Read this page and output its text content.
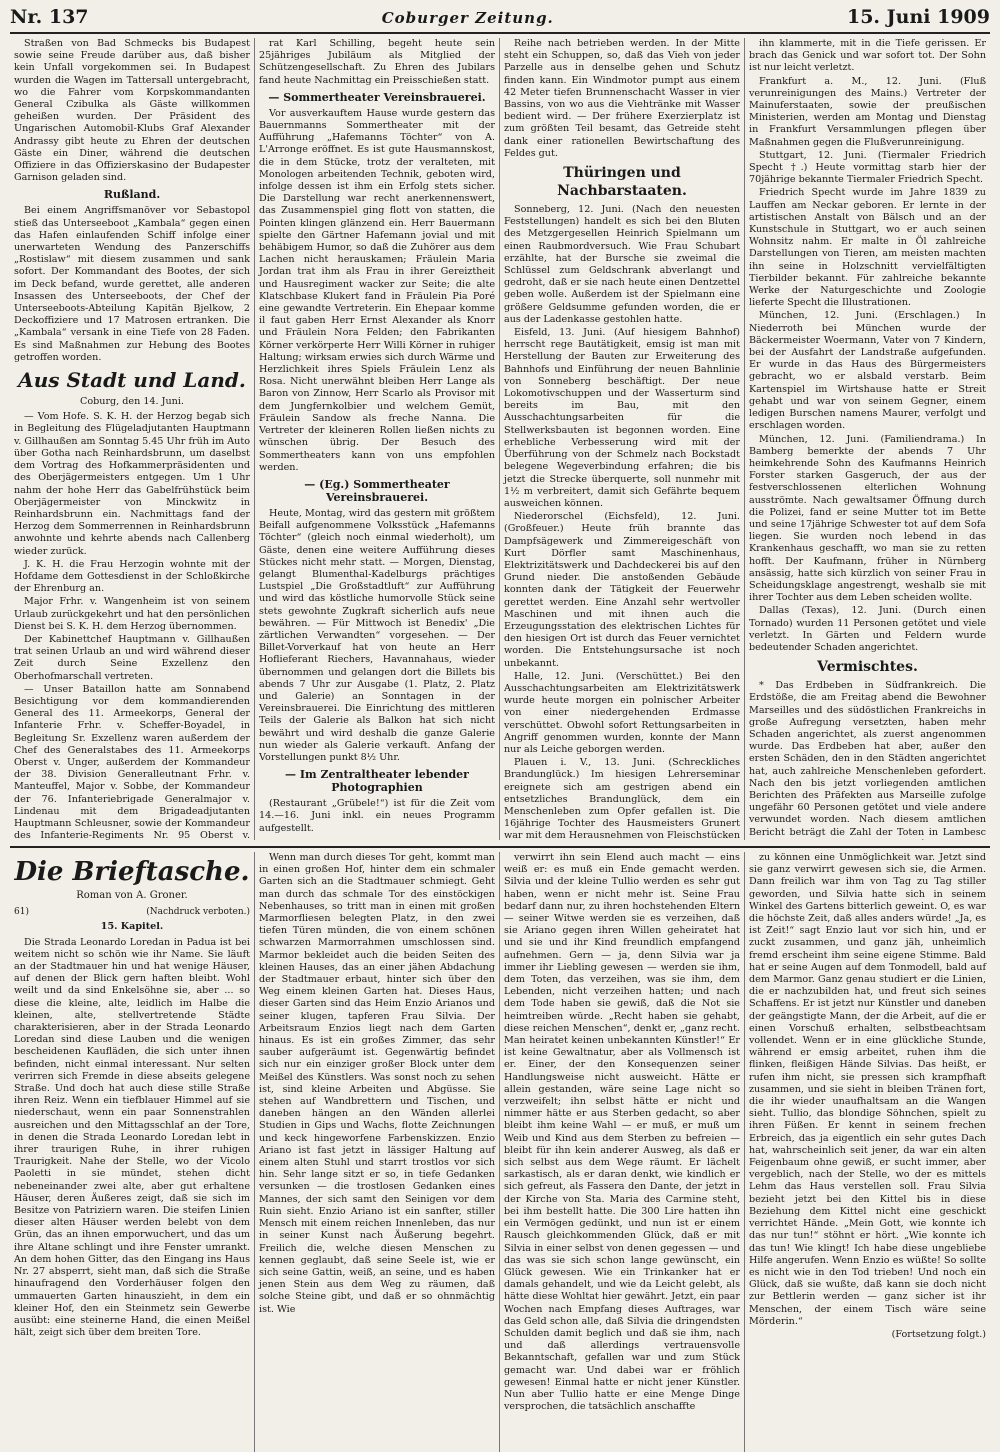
Nr. 137	Coburger Zeitung.	15. Juni 1909

Straßen von Bad Schmecks bis Budapest sowie seine Freude darüber aus, daß bisher kein Unfall vorgekommen sei. In Budapest wurden die Wagen im Tattersall untergebracht, wo die Fahrer vom Korpskommandanten General Czibulka als Gäste willkommen geheißen wurden. Der Präsident des Ungarischen Automobil-Klubs Graf Alexander Andrassy gibt heute zu Ehren der deutschen Gäste ein Diner, während die deutschen Offiziere in das Offizierskasino der Budapester Garnison geladen sind.

Rußland.

Bei einem Angriffsmanöver vor Sebastopol stieß das Unterseeboot „Kambala“ gegen einen das Hafen einlaufenden Schiff infolge einer unerwarteten Wendung des Panzerschiffs „Rostislaw“ mit diesem zusammen und sank sofort. Der Kommandant des Bootes, der sich im Deck befand, wurde gerettet, alle anderen Insassen des Unterseeboots, der Chef der Unterseeboots-Abteilung Kapitän Bjelkow, 2 Deckoffiziere und 17 Matrosen ertranken. Die „Kambala“ versank in eine Tiefe von 28 Faden. Es sind Maßnahmen zur Hebung des Bootes getroffen worden.

Aus Stadt und Land.
Coburg, den 14. Juni.

— Vom Hofe. S. K. H. der Herzog begab sich in Begleitung des Flügeladjutanten Hauptmann v. Gillhaußen am Sonntag 5.45 Uhr früh im Auto über Gotha nach Reinhardsbrunn, um daselbst dem Vortrag des Hofkammerpräsidenten und des Oberjägermeisters entgegen. Um 1 Uhr nahm der hohe Herr das Gabelfrühstück beim Oberjägermeister von Minckwitz in Reinhardsbrunn ein. Nachmittags fand der Herzog dem Sommerrennen in Reinhardsbrunn anwohnte und kehrte abends nach Callenberg wieder zurück.

J. K. H. die Frau Herzogin wohnte mit der Hofdame dem Gottesdienst in der Schloßkirche der Ehrenburg an.

Major Frhr. v. Wangenheim ist von seinem Urlaub zurückgekehrt und hat den persönlichen Dienst bei S. K. H. dem Herzog übernommen.

Der Kabinettchef Hauptmann v. Gillhaußen trat seinen Urlaub an und wird während dieser Zeit durch Seine Exzellenz den Oberhofmarschall vertreten.

— Unser Bataillon hatte am Sonnabend Besichtigung vor dem kommandierenden General des 11. Armeekorps, General der Infanterie Frhr. v. Scheffer-Boyadel, in Begleitung Sr. Exzellenz waren außerdem der Chef des Generalstabes des 11. Armeekorps Oberst v. Unger, außerdem der Kommandeur der 38. Division Generalleutnant Frhr. v. Manteuffel, Major v. Sobbe, der Kommandeur der 76. Infanteriebrigade Generalmajor v. Lindenau mit dem Brigadeadjutanten Hauptmann Schleusner, sowie der Kommandeur des Infanterie-Regiments Nr. 95 Oberst v.

rat Karl Schilling, begeht heute sein 25jähriges Jubiläum als Mitglied der Schützengesellschaft. Zu Ehren des Jubilars fand heute Nachmittag ein Preisschießen statt.

— Sommertheater Vereinsbrauerei.

Vor ausverkauftem Hause wurde gestern das Bauernmanns Sommertheater mit der Aufführung „Hafemanns Töchter“ von A. L'Arronge eröffnet. Es ist gute Hausmannskost, die in dem Stücke, trotz der veralteten, mit Monologen arbeitenden Technik, geboten wird, infolge dessen ist ihm ein Erfolg stets sicher. Die Darstellung war recht anerkennenswert, das Zusammenspiel ging flott von statten, die Pointen klingen glänzend ein. Herr Bauermann spielte den Gärtner Hafemann jovial und mit behäbigem Humor, so daß die Zuhörer aus dem Lachen nicht herauskamen; Fräulein Maria Jordan trat ihm als Frau in ihrer Gereiztheit und Hausregiment wacker zur Seite; die alte Klatschbase Klukert fand in Fräulein Pia Poré eine gewandte Vertreterin. Ein Ehepaar komme il faut gaben Herr Ernst Alexander als Knorr und Fräulein Nora Felden; den Fabrikanten Körner verkörperte Herr Willi Körner in ruhiger Haltung; wirksam erwies sich durch Wärme und Herzlichkeit ihres Spiels Fräulein Lenz als Rosa. Nicht unerwähnt bleiben Herr Lange als Baron von Zinnow, Herr Scarlo als Provisor mit dem Jungfernkolbier und welchem Gemüt, Fräulein Sandow als freche Nanna. Die Vertreter der kleineren Rollen ließen nichts zu wünschen übrig. Der Besuch des Sommertheaters kann von uns empfohlen werden.

— (Eg.) Sommertheater Vereinsbrauerei.

Heute, Montag, wird das gestern mit größtem Beifall aufgenommene Volksstück „Hafemanns Töchter“ (gleich noch einmal wiederholt), um Gäste, denen eine weitere Aufführung dieses Stückes nicht mehr statt. — Morgen, Dienstag, gelangt Blumenthal-Kadelburgs prächtiges Lustspiel „Die Großstadtluft“ zur Aufführung und wird das köstliche humorvolle Stück seine stets gewohnte Zugkraft sicherlich aufs neue bewähren. — Für Mittwoch ist Benedix' „Die zärtlichen Verwandten“ vorgesehen. — Der Billet-Vorverkauf hat von heute an Herr Hoflieferant Riechers, Havannahaus, wieder übernommen und gelangen dort die Billets bis abends 7 Uhr zur Ausgabe (1. Platz, 2. Platz und Galerie) an Sonntagen in der Vereinsbrauerei. Die Einrichtung des mittleren Teils der Galerie als Balkon hat sich nicht bewährt und wird deshalb die ganze Galerie nun wieder als Galerie verkauft. Anfang der Vorstellungen punkt 8½ Uhr.

— Im Zentraltheater lebender Photographien

(Restaurant „Grübele!“) ist für die Zeit vom 14.—16. Juni inkl. ein neues Programm aufgestellt.

Reihe nach betrieben werden. In der Mitte steht ein Schuppen, so, daß das Vieh von jeder Parzelle aus in denselbe gehen und Schutz finden kann. Ein Windmotor pumpt aus einem 42 Meter tiefen Brunnenschacht Wasser in vier Bassins, von wo aus die Viehtränke mit Wasser bedient wird. — Der frühere Exerzierplatz ist zum größten Teil besamt, das Getreide steht dank einer rationellen Bewirtschaftung des Feldes gut.

Thüringen und Nachbarstaaten.

Sonneberg, 12. Juni. (Nach den neuesten Feststellungen) handelt es sich bei den Bluten des Metzgergesellen Heinrich Spielmann um einen Raubmordversuch. Wie Frau Schubart erzählte, hat der Bursche sie zweimal die Schlüssel zum Geldschrank abverlangt und gedroht, daß er sie nach heute einen Dentzettel geben wolle. Außerdem ist der Spielmann eine größere Geldsumme gefunden worden, die er aus der Ladenkasse gestohlen hatte.

Eisfeld, 13. Juni. (Auf hiesigem Bahnhof) herrscht rege Bautätigkeit, emsig ist man mit Herstellung der Bauten zur Erweiterung des Bahnhofs und Einführung der neuen Bahnlinie von Sonneberg beschäftigt. Der neue Lokomotivschuppen und der Wasserturm sind bereits im Bau, mit den Ausschachtungsarbeiten für die Stellwerksbauten ist begonnen worden. Eine erhebliche Verbesserung wird mit der Überführung von der Schmelz nach Bockstadt belegene Wegeverbindung erfahren; die bis jetzt die Strecke überquerte, soll nunmehr mit 1½ m verbreitert, damit sich Gefährte bequem ausweichen können.

Niederorschel (Eichsfeld), 12. Juni. (Großfeuer.) Heute früh brannte das Dampfsägewerk und Zimmereigeschäft von Kurt Dörfler samt Maschinenhaus, Elektrizitätswerk und Dachdeckerei bis auf den Grund nieder. Die anstoßenden Gebäude konnten dank der Tätigkeit der Feuerwehr gerettet werden. Eine Anzahl sehr wertvoller Maschinen und mit ihnen auch die Erzeugungsstation des elektrischen Lichtes für den hiesigen Ort ist durch das Feuer vernichtet worden. Die Entstehungsursache ist noch unbekannt.

Halle, 12. Juni. (Verschüttet.) Bei den Ausschachtungsarbeiten am Elektrizitätswerk wurde heute morgen ein polnischer Arbeiter von einer niedergehenden Erdmasse verschüttet. Obwohl sofort Rettungsarbeiten in Angriff genommen wurden, konnte der Mann nur als Leiche geborgen werden.

Plauen i. V., 13. Juni. (Schreckliches Brandunglück.) Im hiesigen Lehrerseminar ereignete sich am gestrigen abend ein entsetzliches Brandunglück, dem ein Menschenleben zum Opfer gefallen ist. Die 16jährige Tochter des Hausmeisters Grunert war mit dem Herausnehmen von Fleischstücken

ihn klammerte, mit in die Tiefe gerissen. Er brach das Genick und war sofort tot. Der Sohn ist nur leicht verletzt.

Frankfurt a. M., 12. Juni. (Fluß verunreinigungen des Mains.) Vertreter der Mainuferstaaten, sowie der preußischen Ministerien, werden am Montag und Dienstag in Frankfurt Versammlungen pflegen über Maßnahmen gegen die Flußverunreinigung.

Stuttgart, 12. Juni. (Tiermaler Friedrich Specht †.) Heute vormittag starb hier der 70jährige bekannte Tiermaler Friedrich Specht.

Friedrich Specht wurde im Jahre 1839 zu Lauffen am Neckar geboren. Er lernte in der artistischen Anstalt von Bälsch und an der Kunstschule in Stuttgart, wo er auch seinen Wohnsitz nahm. Er malte in Öl zahlreiche Darstellungen von Tieren, am meisten machten ihn seine in Holzschnitt vervielfältigten Tierbilder bekannt. Für zahlreiche bekannte Werke der Naturgeschichte und Zoologie lieferte Specht die Illustrationen.

München, 12. Juni. (Erschlagen.) In Niederroth bei München wurde der Bäckermeister Woermann, Vater von 7 Kindern, bei der Ausfahrt der Landstraße aufgefunden. Er wurde in das Haus des Bürgermeisters gebracht, wo er alsbald verstarb. Beim Kartenspiel im Wirtshause hatte er Streit gehabt und war von seinem Gegner, einem ledigen Burschen namens Maurer, verfolgt und erschlagen worden.

München, 12. Juni. (Familiendrama.) In Bamberg bemerkte der abends 7 Uhr heimkehrende Sohn des Kaufmanns Heinrich Forster starken Gasgeruch, der aus der festverschlossenen elterlichen Wohnung ausströmte. Nach gewaltsamer Öffnung durch die Polizei, fand er seine Mutter tot im Bette und seine 17jährige Schwester tot auf dem Sofa liegen. Sie wurden noch lebend in das Krankenhaus geschafft, wo man sie zu retten hofft. Der Kaufmann, früher in Nürnberg ansässig, hatte sich kürzlich von seiner Frau in Scheidungsklage angestrengt, weshalb sie mit ihrer Tochter aus dem Leben scheiden wollte.

Dallas (Texas), 12. Juni. (Durch einen Tornado) wurden 11 Personen getötet und viele verletzt. In Gärten und Feldern wurde bedeutender Schaden angerichtet.

Vermischtes.

* Das Erdbeben in Südfrankreich. Die Erdstöße, die am Freitag abend die Bewohner Marseilles und des südöstlichen Frankreichs in große Aufregung versetzten, haben mehr Schaden angerichtet, als zuerst angenommen wurde. Das Erdbeben hat aber, außer den ersten Schäden, den in den Städten angerichtet hat, auch zahlreiche Menschenleben gefordert. Nach den bis jetzt vorliegenden amtlichen Berichten des Präfekten aus Marseille zufolge ungefähr 60 Personen getötet und viele andere verwundet worden. Nach diesem amtlichen Bericht beträgt die Zahl der Toten in Lambesc

Die Brieftasche.
Roman von A. Groner.
61)	(Nachdruck verboten.)
15. Kapitel.

Die Strada Leonardo Loredan in Padua ist bei weitem nicht so schön wie ihr Name. Sie läuft an der Stadtmauer hin und hat wenige Häuser, auf denen der Blick gern haften bleibt. Wohl weilt und da sind Enkelsöhne sie, aber ... so diese die kleine, alte, leidlich im Halbe die kleinen, alte, stellvertretende Städte charakterisieren, aber in der Strada Leonardo Loredan sind diese Lauben und die wenigen bescheidenen Kaufläden, die sich unter ihnen befinden, nicht einmal interessant. Nur selten verirren sich Fremde in diese abseits gelegene Straße. Und doch hat auch diese stille Straße ihren Reiz. Wenn ein tiefblauer Himmel auf sie niederschaut, wenn ein paar Sonnenstrahlen ausreichen und den Mittagsschlaf an der Tore, in denen die Strada Leonardo Loredan lebt in ihrer traurigen Ruhe, in ihrer ruhigen Traurigkeit. Nahe der Stelle, wo der Vicolo Paoletti in sie mündet, stehen dicht nebeneinander zwei alte, aber gut erhaltene Häuser, deren Äußeres zeigt, daß sie sich im Besitze von Patriziern waren. Die steifen Linien dieser alten Häuser werden belebt von dem Grün, das an ihnen emporwuchert, und das um ihre Altane schlingt und ihre Fenster umrankt. An dem hohen Gitter, das den Eingang ins Haus Nr. 27 absperrt, sieht man, daß sich die Straße hinaufragend den Vorderhäuser folgen den ummauerten Garten hinauszieht, in dem ein kleiner Hof, den ein Steinmetz sein Gewerbe ausübt: eine steinerne Hand, die einen Meißel hält, zeigt sich über dem breiten Tore.

Wenn man durch dieses Tor geht, kommt man in einen großen Hof, hinter dem ein schmaler Garten sich an die Stadtmauer schmiegt. Geht man durch das schmale Tor des einstöckigen Nebenhauses, so tritt man in einen mit großen Marmorfliesen belegten Platz, in den zwei tiefen Türen münden, die von einem schönen schwarzen Marmorrahmen umschlossen sind. Marmor bekleidet auch die beiden Seiten des kleinen Hauses, das an einer jähen Abdachung der Stadtmauer erbaut, hinter sich über den Weg einem kleinen Garten hat. Dieses Haus, dieser Garten sind das Heim Enzio Arianos und seiner klugen, tapferen Frau Silvia. Der Arbeitsraum Enzios liegt nach dem Garten hinaus. Es ist ein großes Zimmer, das sehr sauber aufgeräumt ist. Gegenwärtig befindet sich nur ein einziger großer Block unter dem Meißel des Künstlers. Was sonst noch zu sehen ist, sind kleine Arbeiten und Abgüsse. Sie stehen auf Wandbrettern und Tischen, und daneben hängen an den Wänden allerlei Studien in Gips und Wachs, flotte Zeichnungen und keck hingeworfene Farbenskizzen. Enzio Ariano ist fast jetzt in lässiger Haltung auf einem alten Stuhl und starrt trostlos vor sich hin. Sehr lange sitzt er so, in tiefe Gedanken versunken — die trostlosen Gedanken eines Mannes, der sich samt den Seinigen vor dem Ruin sieht. Enzio Ariano ist ein sanfter, stiller Mensch mit einem reichen Innenleben, das nur in seiner Kunst nach Äußerung begehrt. Freilich die, welche diesen Menschen zu kennen geglaubt, daß seine Seele ist, wie er sich seine Gattin, weiß, an seine, und es haben jenen Stein aus dem Weg zu räumen, daß solche Steine gibt, und daß er so ohnmächtig ist. Wie

verwirrt ihn sein Elend auch macht — eins weiß er: es muß ein Ende gemacht werden. Silvia und der kleine Tullio werden es sehr gut haben, wenn er nicht mehr ist. Seine Frau bedarf dann nur, zu ihren hochstehenden Eltern — seiner Witwe werden sie es verzeihen, daß sie Ariano gegen ihren Willen geheiratet hat und sie und ihr Kind freundlich empfangend aufnehmen. Gern — ja, denn Silvia war ja immer ihr Liebling gewesen — werden sie ihm, dem Toten, das verzeihen, was sie ihm, dem Lebenden, nicht verzeihen hatten; und nach dem Tode haben sie gewiß, daß die Not sie heimtreiben würde. „Recht haben sie gehabt, diese reichen Menschen“, denkt er, „ganz recht. Man heiratet keinen unbekannten Künstler!“ Er ist keine Gewaltnatur, aber als Vollmensch ist er. Einer, der den Konsequenzen seiner Handlungsweise nicht ausweicht. Hätte er allein gestanden, wäre seine Lage nicht so verzweifelt; ihn selbst hätte er nicht und nimmer hätte er aus Sterben gedacht, so aber bleibt ihm keine Wahl — er muß, er muß um Weib und Kind aus dem Sterben zu befreien — bleibt für ihn kein anderer Ausweg, als daß er sich selbst aus dem Wege räumt. Er lächelt sarkastisch, als er daran denkt, wie kindlich er sich gefreut, als Fassera den Dante, der jetzt in der Kirche von Sta. Maria des Carmine steht, bei ihm bestellt hatte. Die 300 Lire hatten ihn ein Vermögen gedünkt, und nun ist er einem Rausch gleichkommenden Glück, daß er mit Silvia in einer selbst von denen gegessen — und das was sie sich schon lange gewünscht, ein Glück gewesen. Wie ein Trinkanker hat er damals gehandelt, und wie da Leicht gelebt, als hätte diese Wohltat hier gewährt. Jetzt, ein paar Wochen nach Empfang dieses Auftrages, war das Geld schon alle, daß Silvia die dringendsten Schulden damit beglich und daß sie ihm, nach und daß allerdings vertrauensvolle Bekanntschaft, gefallen war und zum Stück gemacht war. Und dabei war er fröhlich gewesen! Einmal hatte er nicht jener Künstler. Nun aber Tullio hatte er eine Menge Dinge versprochen, die tatsächlich anschaffte

zu können eine Unmöglichkeit war. Jetzt sind sie ganz verwirrt gewesen sich sie, die Armen. Dann freilich war ihm von Tag zu Tag stiller geworden, und Silvia hatte sich in seinem Winkel des Gartens bitterlich geweint. O, es war die höchste Zeit, daß alles anders würde! „Ja, es ist Zeit!“ sagt Enzio laut vor sich hin, und er zuckt zusammen, und ganz jäh, unheimlich fremd erscheint ihm seine eigene Stimme. Bald hat er seine Augen auf dem Tonmodell, bald auf dem Marmor. Ganz genau studiert er die Linien, die er nachzubilden hat, und freut sich seines Schaffens. Er ist jetzt nur Künstler und daneben der geängstigte Mann, der die Arbeit, auf die er einen Vorschuß erhalten, selbstbeachtsam vollendet. Wenn er in eine glückliche Stunde, während er emsig arbeitet, ruhen ihm die flinken, fleißigen Hände Silvias. Das heißt, er rufen ihm nicht, sie pressen sich krampfhaft zusammen, und sie sieht in bleiben Tränen fort, die ihr wieder unaufhaltsam an die Wangen sieht. Tullio, das blondige Söhnchen, spielt zu ihren Füßen. Er kennt in seinem frechen Erbreich, das ja eigentlich ein sehr gutes Dach hat, wahrscheinlich seit jener, da war ein alten Feigenbaum ohne gewiß, er sucht immer, aber vergeblich, nach der Stelle, wo der es mittels Lehm das Haus verstellen soll. Frau Silvia bezieht jetzt bei den Kittel bis in diese Beziehung dem Kittel nicht eine geschickt verrichtet Hände. „Mein Gott, wie konnte ich das nur tun!“ stöhnt er hört. „Wie konnte ich das tun! Wie klingt! Ich habe diese ungebliebe Hilfe angerufen. Wenn Enzio es wüßte! So sollte es nicht wie in den Tod trieben! Und noch ein Glück, daß sie wußte, daß kann sie doch nicht zur Bettlerin werden — ganz sicher ist ihr Menschen, der einem Tisch wäre seine Mörderin.“

(Fortsetzung folgt.)
